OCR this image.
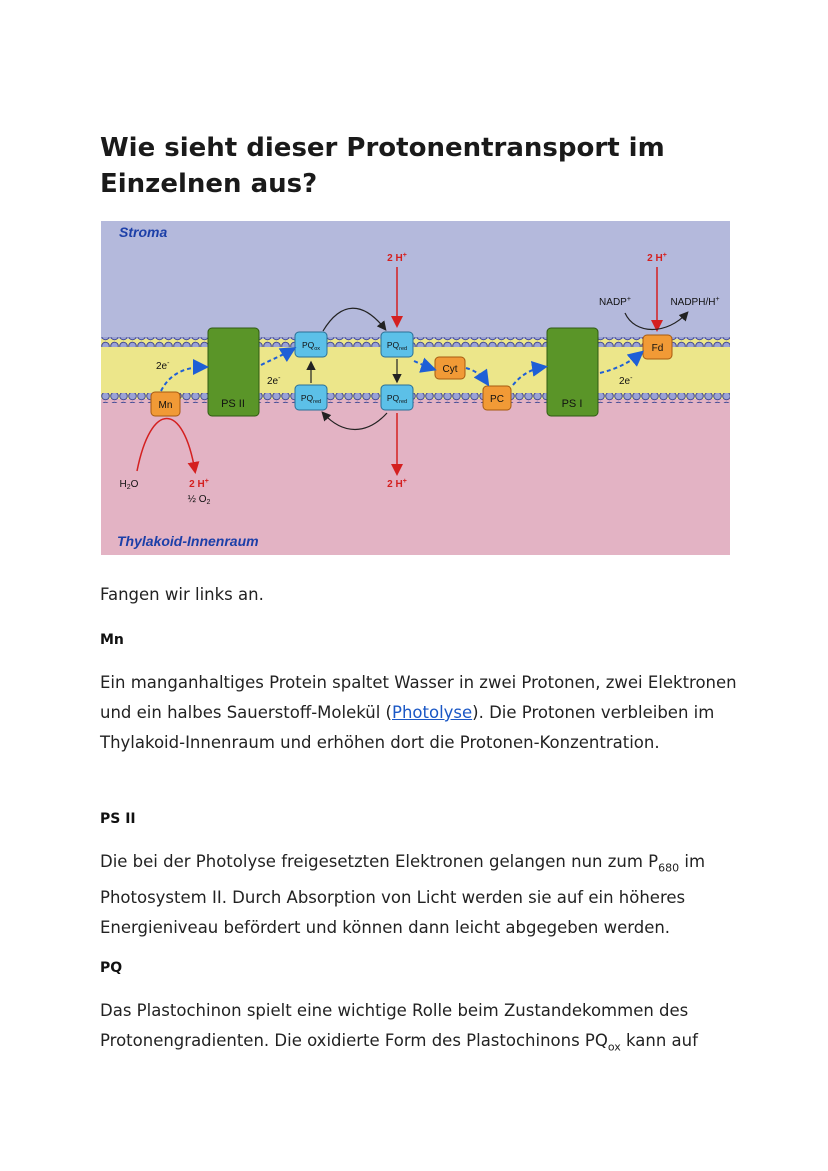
Wie sieht dieser Protonentransport im Einzelnen aus?
Stroma
Thylakoid-Innenraum
PS II	PS I
$PQ_{ox}$	$PQ_{red}$
$PQ_{red}$	$PQ_{red}$
Mn
Cyt
PC
Fd
2e-
2e-	2e-
2 H+
2 H+
2 H+
2 H+
$H_2O$
½ $O_2$
NADP+	NADPH/H+

Fangen wir links an.

Mn

Ein manganhaltiges Protein spaltet Wasser in zwei Protonen, zwei Elektronen und ein halbes Sauerstoff-Molekül (Photolyse). Die Protonen verbleiben im Thylakoid-Innenraum und erhöhen dort die Protonen-Konzentration.

PS II

Die bei der Photolyse freigesetzten Elektronen gelangen nun zum $P_{680}$ im Photosystem II. Durch Absorption von Licht werden sie auf ein höheres Energieniveau befördert und können dann leicht abgegeben werden.

PQ

Das Plastochinon spielt eine wichtige Rolle beim Zustandekommen des Protonengradienten. Die oxidierte Form des Plastochinons $PQ_{ox}$ kann auf
